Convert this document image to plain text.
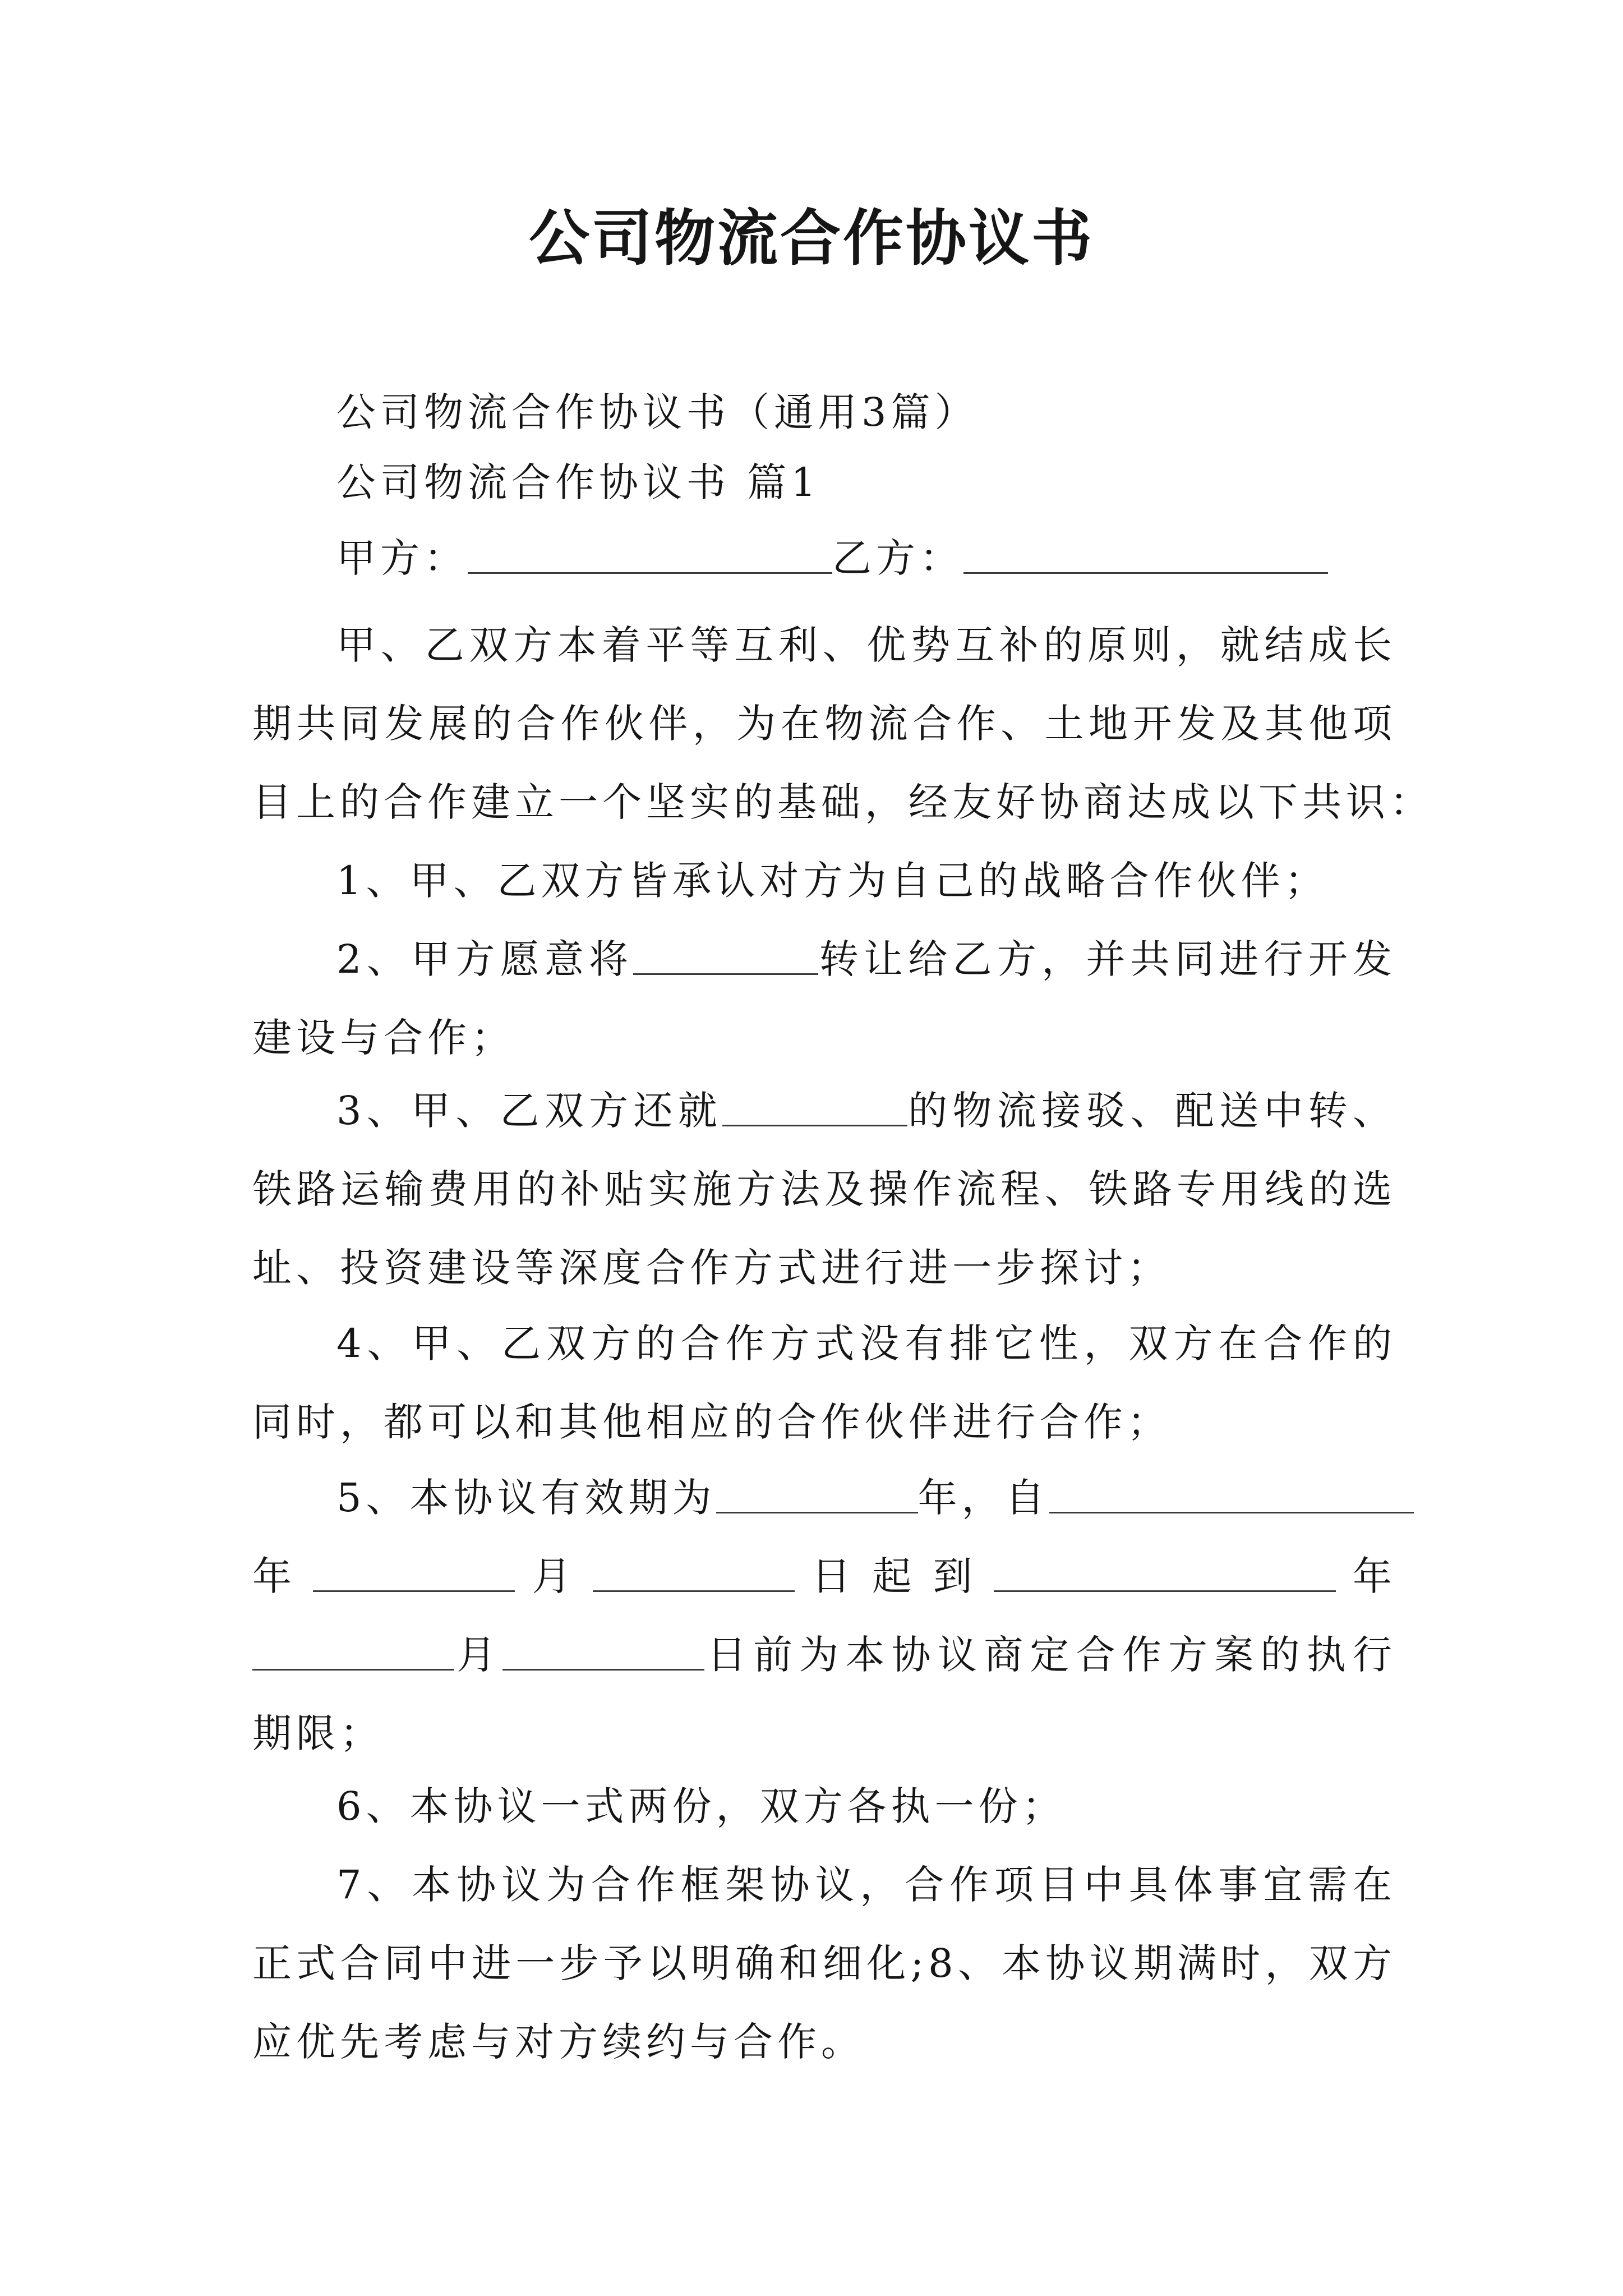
公司物流合作协议书
公司物流合作协议书（通用3篇）
公司物流合作协议书 篇1
甲方：	乙方：
甲、乙双方本着平等互利、优势互补的原则，就结成长
期共同发展的合作伙伴，为在物流合作、土地开发及其他项
目上的合作建立一个坚实的基础，经友好协商达成以下共识：
1、甲、乙双方皆承认对方为自己的战略合作伙伴；
2、甲方愿意将	转让给乙方，并共同进行开发
建设与合作；
3、甲、乙双方还就	的物流接驳、配送中转、
铁路运输费用的补贴实施方法及操作流程、铁路专用线的选
址、投资建设等深度合作方式进行进一步探讨；
4、甲、乙双方的合作方式没有排它性，双方在合作的
同时，都可以和其他相应的合作伙伴进行合作；
5、本协议有效期为	年，自
年	月	日起到	年
月	日前为本协议商定合作方案的执行
期限；
6、本协议一式两份，双方各执一份；
7、本协议为合作框架协议，合作项目中具体事宜需在
正式合同中进一步予以明确和细化;8、本协议期满时，双方
应优先考虑与对方续约与合作。
